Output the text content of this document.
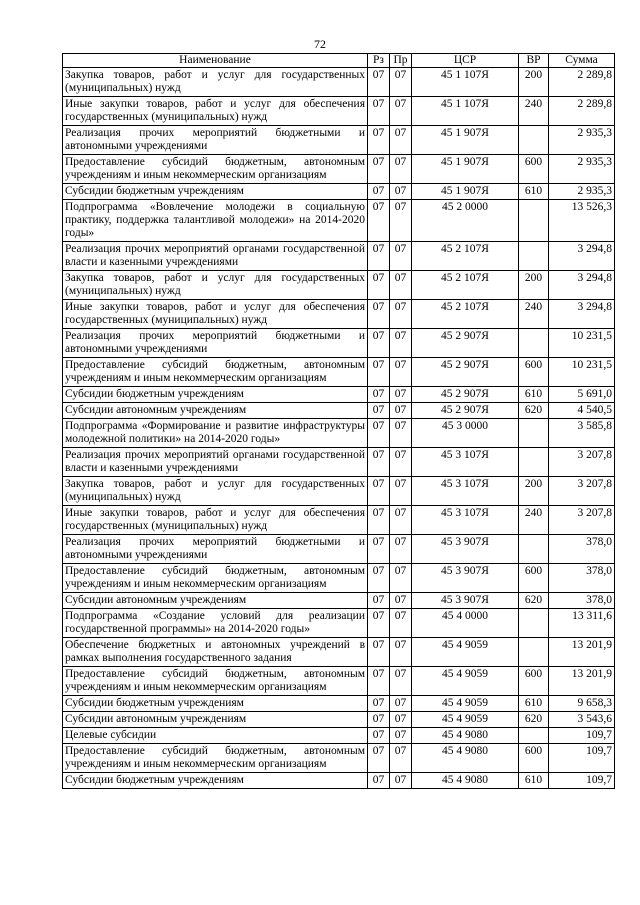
72
Наименование	Рз	Пр	ЦСР	ВР	Сумма
Закупка товаров, работ и услуг для государственных (муниципальных) нужд	07	07	45 1 107Я	200	2 289,8
Иные закупки товаров, работ и услуг для обеспечения государственных (муниципальных) нужд	07	07	45 1 107Я	240	2 289,8
Реализация прочих мероприятий бюджетными и автономными учреждениями	07	07	45 1 907Я		2 935,3
Предоставление субсидий бюджетным, автономным учреждениям и иным некоммерческим организациям	07	07	45 1 907Я	600	2 935,3
Субсидии бюджетным учреждениям	07	07	45 1 907Я	610	2 935,3
Подпрограмма «Вовлечение молодежи в социальную практику, поддержка талантливой молодежи» на 2014-2020 годы»	07	07	45 2 0000		13 526,3
Реализация прочих мероприятий органами государственной власти и казенными учреждениями	07	07	45 2 107Я		3 294,8
Закупка товаров, работ и услуг для государственных (муниципальных) нужд	07	07	45 2 107Я	200	3 294,8
Иные закупки товаров, работ и услуг для обеспечения государственных (муниципальных) нужд	07	07	45 2 107Я	240	3 294,8
Реализация прочих мероприятий бюджетными и автономными учреждениями	07	07	45 2 907Я		10 231,5
Предоставление субсидий бюджетным, автономным учреждениям и иным некоммерческим организациям	07	07	45 2 907Я	600	10 231,5
Субсидии бюджетным учреждениям	07	07	45 2 907Я	610	5 691,0
Субсидии автономным учреждениям	07	07	45 2 907Я	620	4 540,5
Подпрограмма «Формирование и развитие инфраструктуры молодежной политики» на 2014-2020 годы»	07	07	45 3 0000		3 585,8
Реализация прочих мероприятий органами государственной власти и казенными учреждениями	07	07	45 3 107Я		3 207,8
Закупка товаров, работ и услуг для государственных (муниципальных) нужд	07	07	45 3 107Я	200	3 207,8
Иные закупки товаров, работ и услуг для обеспечения государственных (муниципальных) нужд	07	07	45 3 107Я	240	3 207,8
Реализация прочих мероприятий бюджетными и автономными учреждениями	07	07	45 3 907Я		378,0
Предоставление субсидий бюджетным, автономным учреждениям и иным некоммерческим организациям	07	07	45 3 907Я	600	378,0
Субсидии автономным учреждениям	07	07	45 3 907Я	620	378,0
Подпрограмма «Создание условий для реализации государственной программы» на 2014-2020 годы»	07	07	45 4 0000		13 311,6
Обеспечение бюджетных и автономных учреждений в рамках выполнения государственного задания	07	07	45 4 9059		13 201,9
Предоставление субсидий бюджетным, автономным учреждениям и иным некоммерческим организациям	07	07	45 4 9059	600	13 201,9
Субсидии бюджетным учреждениям	07	07	45 4 9059	610	9 658,3
Субсидии автономным учреждениям	07	07	45 4 9059	620	3 543,6
Целевые субсидии	07	07	45 4 9080		109,7
Предоставление субсидий бюджетным, автономным учреждениям и иным некоммерческим организациям	07	07	45 4 9080	600	109,7
Субсидии бюджетным учреждениям	07	07	45 4 9080	610	109,7
